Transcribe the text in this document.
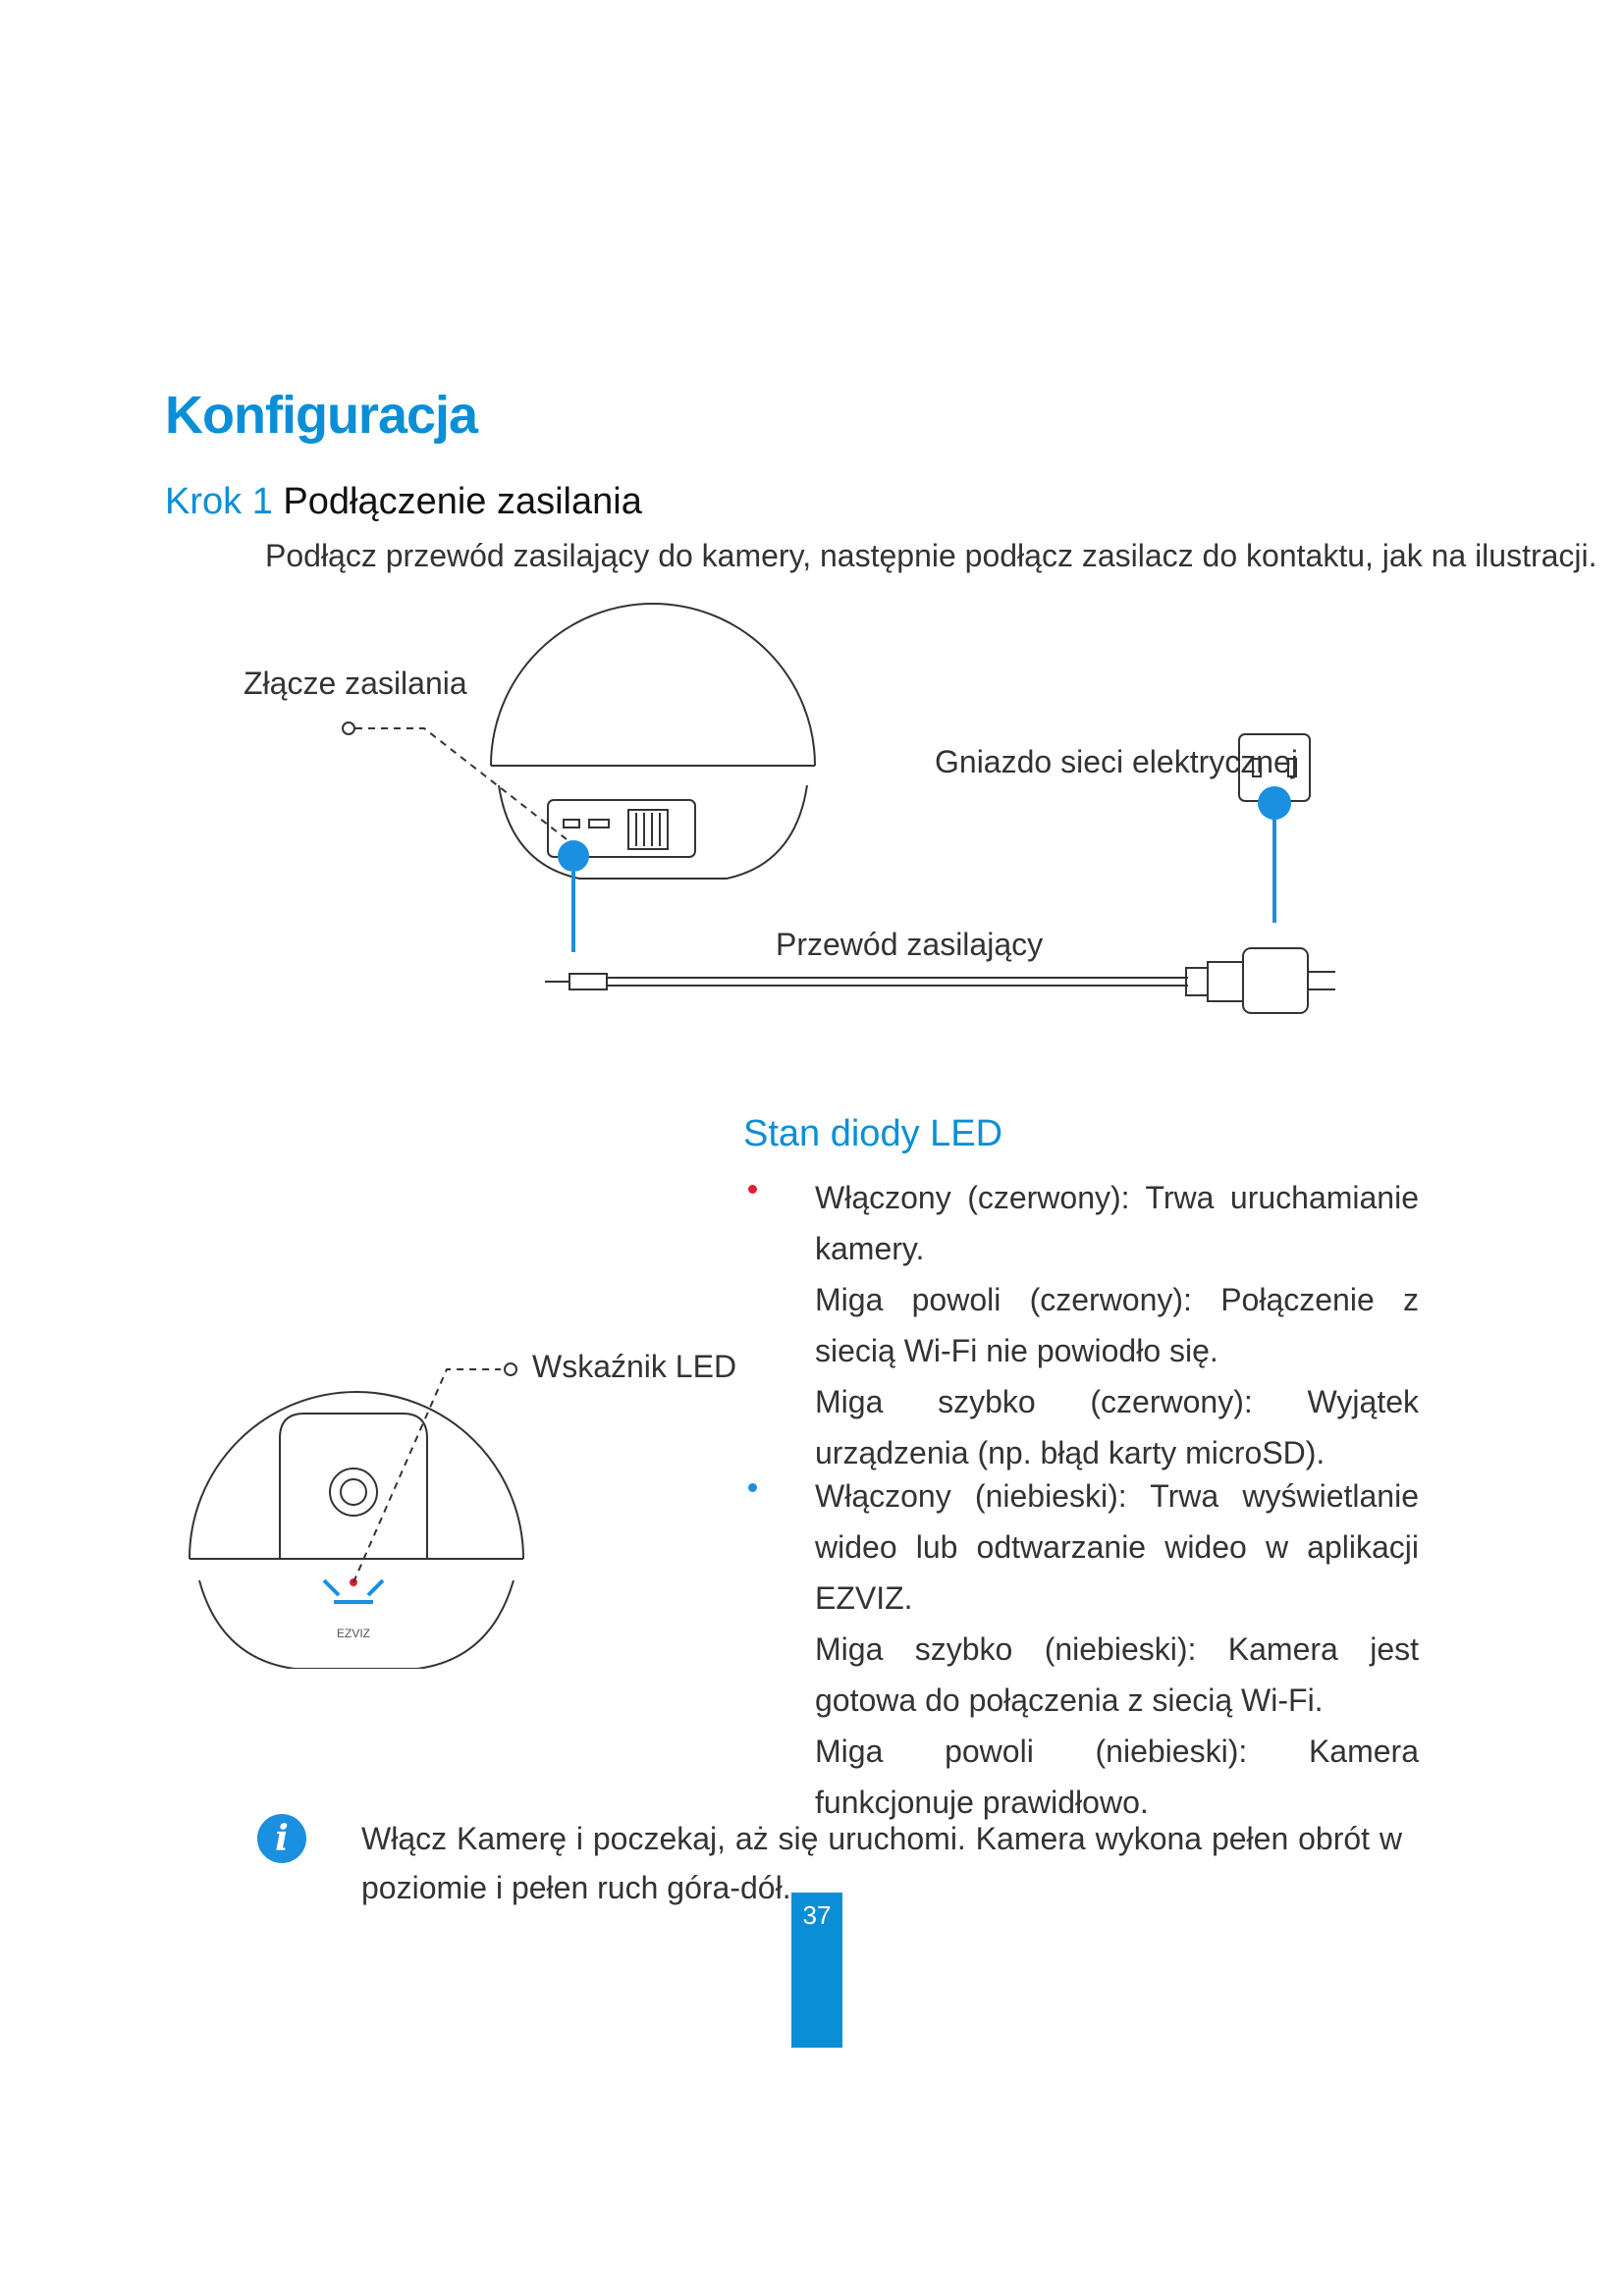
Konfiguracja
Krok 1 Podłączenie zasilania
Podłącz przewód zasilający do kamery, następnie podłącz zasilacz do kontaktu, jak na ilustracji.
Złącze zasilania
Gniazdo sieci elektrycznej
Przewód zasilający
EZVIZ
Wskaźnik LED
Stan diody LED
Włączony (czerwony): Trwa uruchamianie kamery.
Miga powoli (czerwony): Połączenie z siecią Wi-Fi nie powiodło się.
Miga szybko (czerwony): Wyjątek urządzenia (np. błąd karty microSD).
Włączony (niebieski): Trwa wyświetlanie wideo lub odtwarzanie wideo w aplikacji EZVIZ.
Miga szybko (niebieski): Kamera jest gotowa do połączenia z siecią Wi-Fi.
Miga powoli (niebieski): Kamera funkcjonuje prawidłowo.
i	Włącz Kamerę i poczekaj, aż się uruchomi. Kamera wykona pełen obrót w poziomie i pełen ruch góra-dół.
37
